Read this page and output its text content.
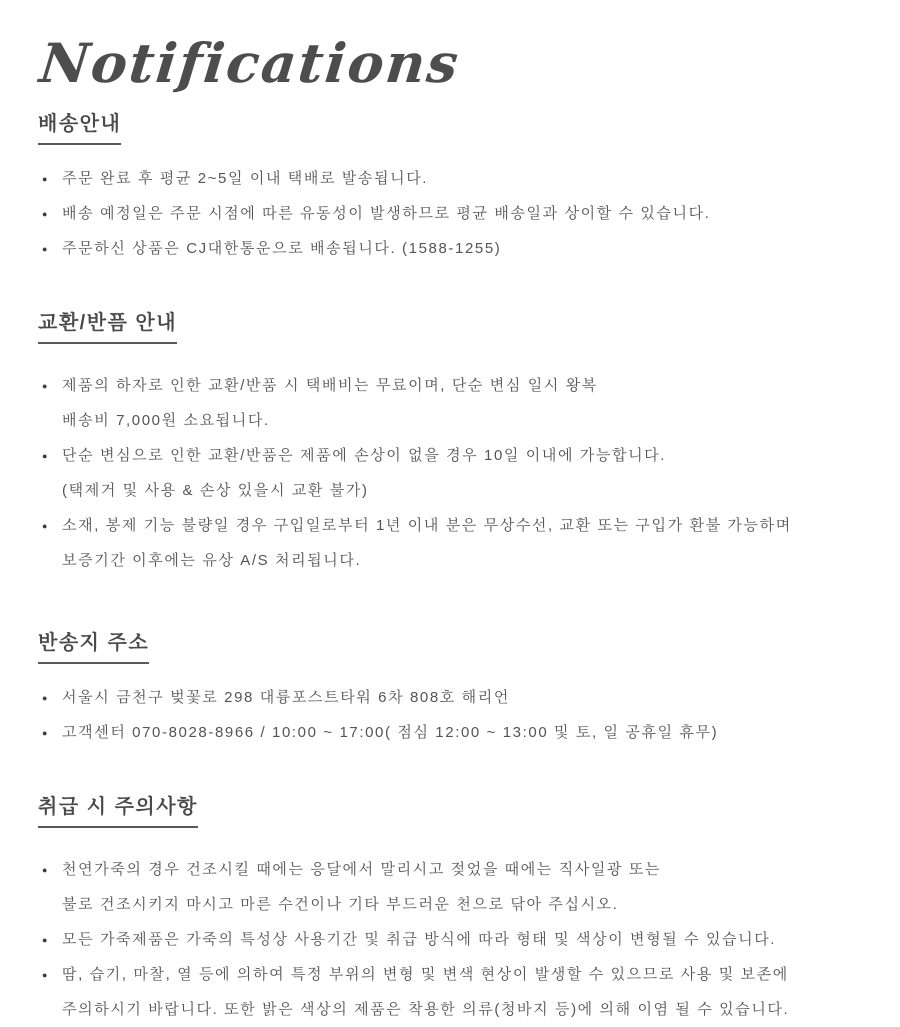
Notifications
배송안내
● 주문 완료 후 평균 2~5일 이내 택배로 발송됩니다.
● 배송 예정일은 주문 시점에 따른 유동성이 발생하므로 평균 배송일과 상이할 수 있습니다.
● 주문하신 상품은 CJ대한통운으로 배송됩니다. (1588-1255)
교환/반픔 안내
● 제품의 하자로 인한 교환/반품 시 택배비는 무료이며, 단순 변심 일시 왕복
배송비 7,000원 소요됩니다.
● 단순 변심으로 인한 교환/반품은 제품에 손상이 없을 경우 10일 이내에 가능합니다.
(택제거 및 사용 & 손상 있을시 교환 불가)
● 소재, 봉제 기능 불량일 경우 구입일로부터 1년 이내 분은 무상수선, 교환 또는 구입가 환불 가능하며
보증기간 이후에는 유상 A/S 처리됩니다.
반송지 주소
● 서울시 금천구 벚꽃로 298 대륭포스트타워 6차 808호 해리언
● 고객센터 070-8028-8966 / 10:00 ~ 17:00( 점심 12:00 ~ 13:00 및 토, 일 공휴일 휴무)
취급 시 주의사항
● 천연가죽의 경우 건조시킬 때에는 응달에서 말리시고 젖었을 때에는 직사일광 또는
불로 건조시키지 마시고 마른 수건이나 기타 부드러운 천으로 닦아 주십시오.
● 모든 가죽제품은 가죽의 특성상 사용기간 및 취급 방식에 따라 형태 및 색상이 변형될 수 있습니다.
● 땀, 습기, 마찰, 열 등에 의하여 특정 부위의 변형 및 변색 현상이 발생할 수 있으므로 사용 및 보존에
주의하시기 바랍니다. 또한 밝은 색상의 제품은 착용한 의류(청바지 등)에 의해 이염 될 수 있습니다.
